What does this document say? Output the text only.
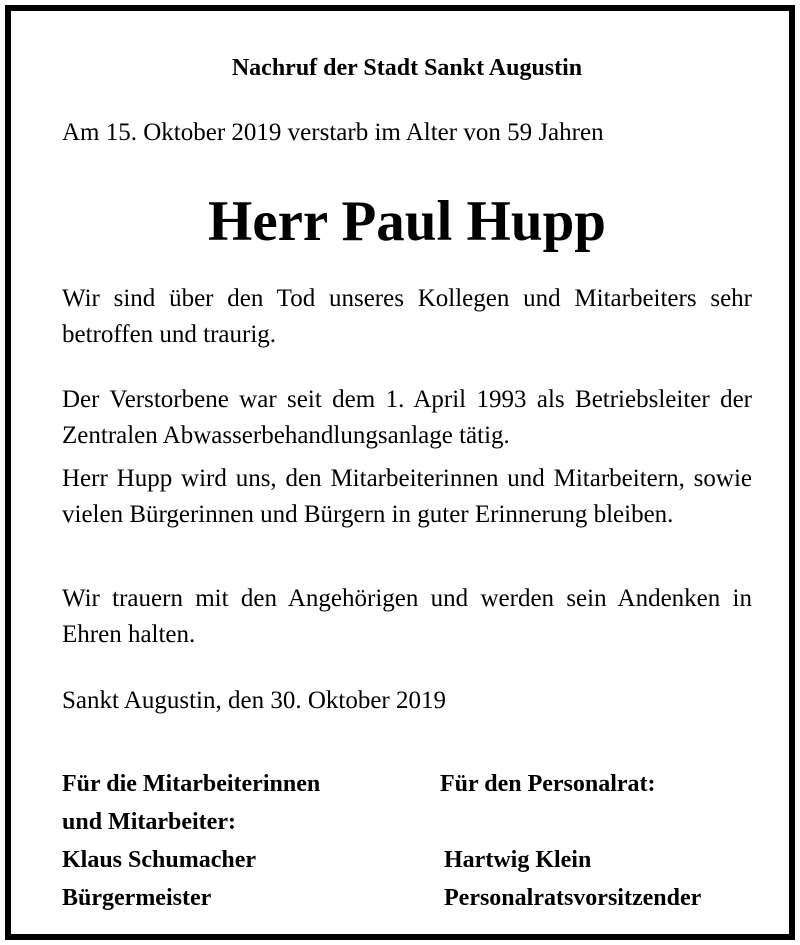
Nachruf der Stadt Sankt Augustin
Am 15. Oktober 2019 verstarb im Alter von 59 Jahren
Herr Paul Hupp
Wir sind über den Tod unseres Kollegen und Mitarbeiters sehr betroffen und traurig.
Der Verstorbene war seit dem 1. April 1993 als Betriebsleiter der Zentralen Abwasserbehandlungsanlage tätig.
Herr Hupp wird uns, den Mitarbeiterinnen und Mitarbeitern, sowie vielen Bürgerinnen und Bürgern in guter Erinnerung bleiben.
Wir trauern mit den Angehörigen und werden sein Andenken in Ehren halten.
Sankt Augustin, den 30. Oktober 2019
Für die Mitarbeiterinnen
und Mitarbeiter:
Klaus Schumacher
Bürgermeister
Für den Personalrat:
Hartwig Klein
Personalratsvorsitzender
